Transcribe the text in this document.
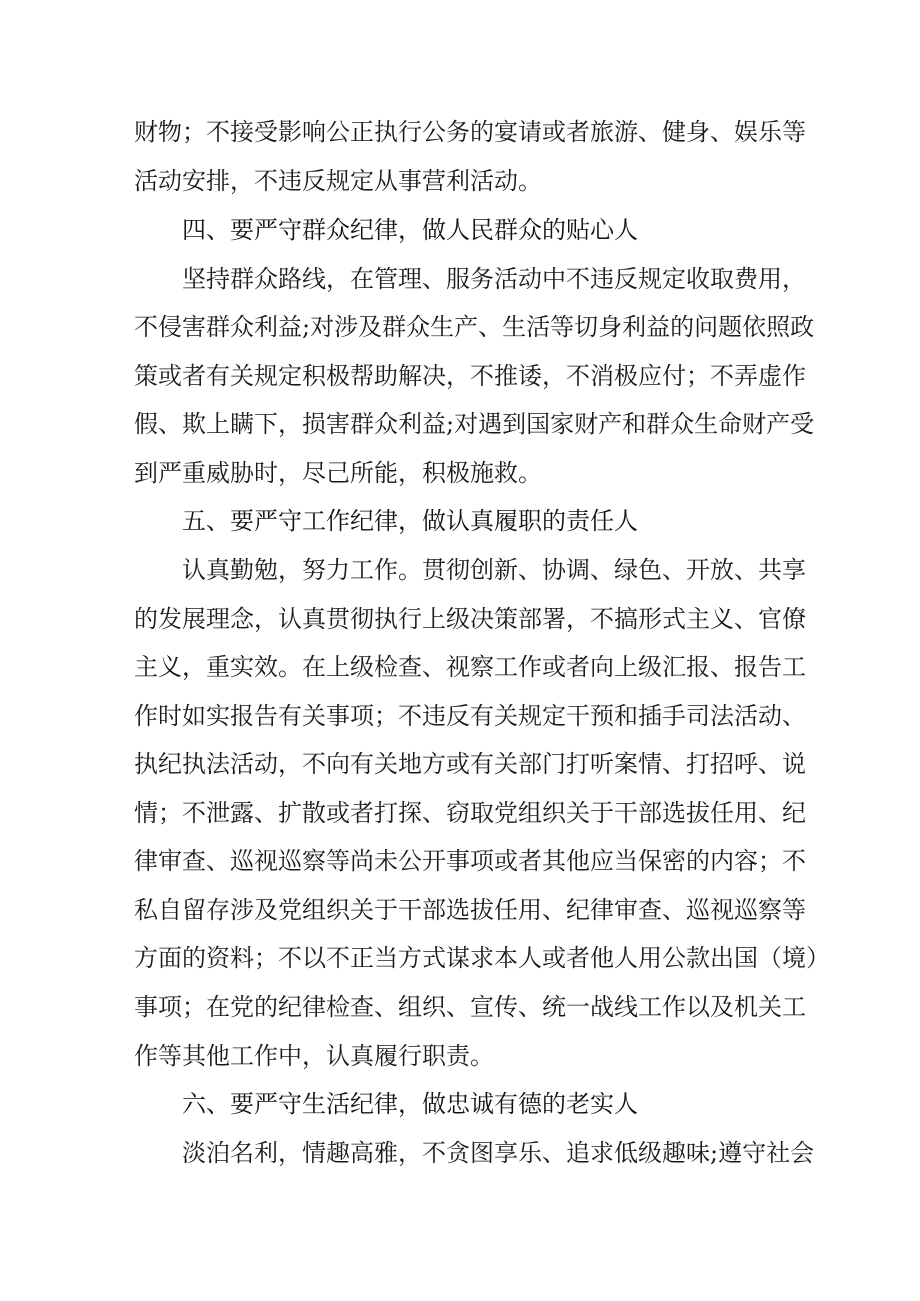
财物；不接受影响公正执行公务的宴请或者旅游、健身、娱乐等
活动安排，不违反规定从事营利活动。
四、要严守群众纪律，做人民群众的贴心人
坚持群众路线，在管理、服务活动中不违反规定收取费用，
不侵害群众利益;对涉及群众生产、生活等切身利益的问题依照政
策或者有关规定积极帮助解决，不推诿，不消极应付；不弄虚作
假、欺上瞒下，损害群众利益;对遇到国家财产和群众生命财产受
到严重威胁时，尽己所能，积极施救。
五、要严守工作纪律，做认真履职的责任人
认真勤勉，努力工作。贯彻创新、协调、绿色、开放、共享
的发展理念，认真贯彻执行上级决策部署，不搞形式主义、官僚
主义，重实效。在上级检查、视察工作或者向上级汇报、报告工
作时如实报告有关事项；不违反有关规定干预和插手司法活动、
执纪执法活动，不向有关地方或有关部门打听案情、打招呼、说
情；不泄露、扩散或者打探、窃取党组织关于干部选拔任用、纪
律审查、巡视巡察等尚未公开事项或者其他应当保密的内容；不
私自留存涉及党组织关于干部选拔任用、纪律审查、巡视巡察等
方面的资料；不以不正当方式谋求本人或者他人用公款出国（境）
事项；在党的纪律检查、组织、宣传、统一战线工作以及机关工
作等其他工作中，认真履行职责。
六、要严守生活纪律，做忠诚有德的老实人
淡泊名利，情趣高雅，不贪图享乐、追求低级趣味;遵守社会
